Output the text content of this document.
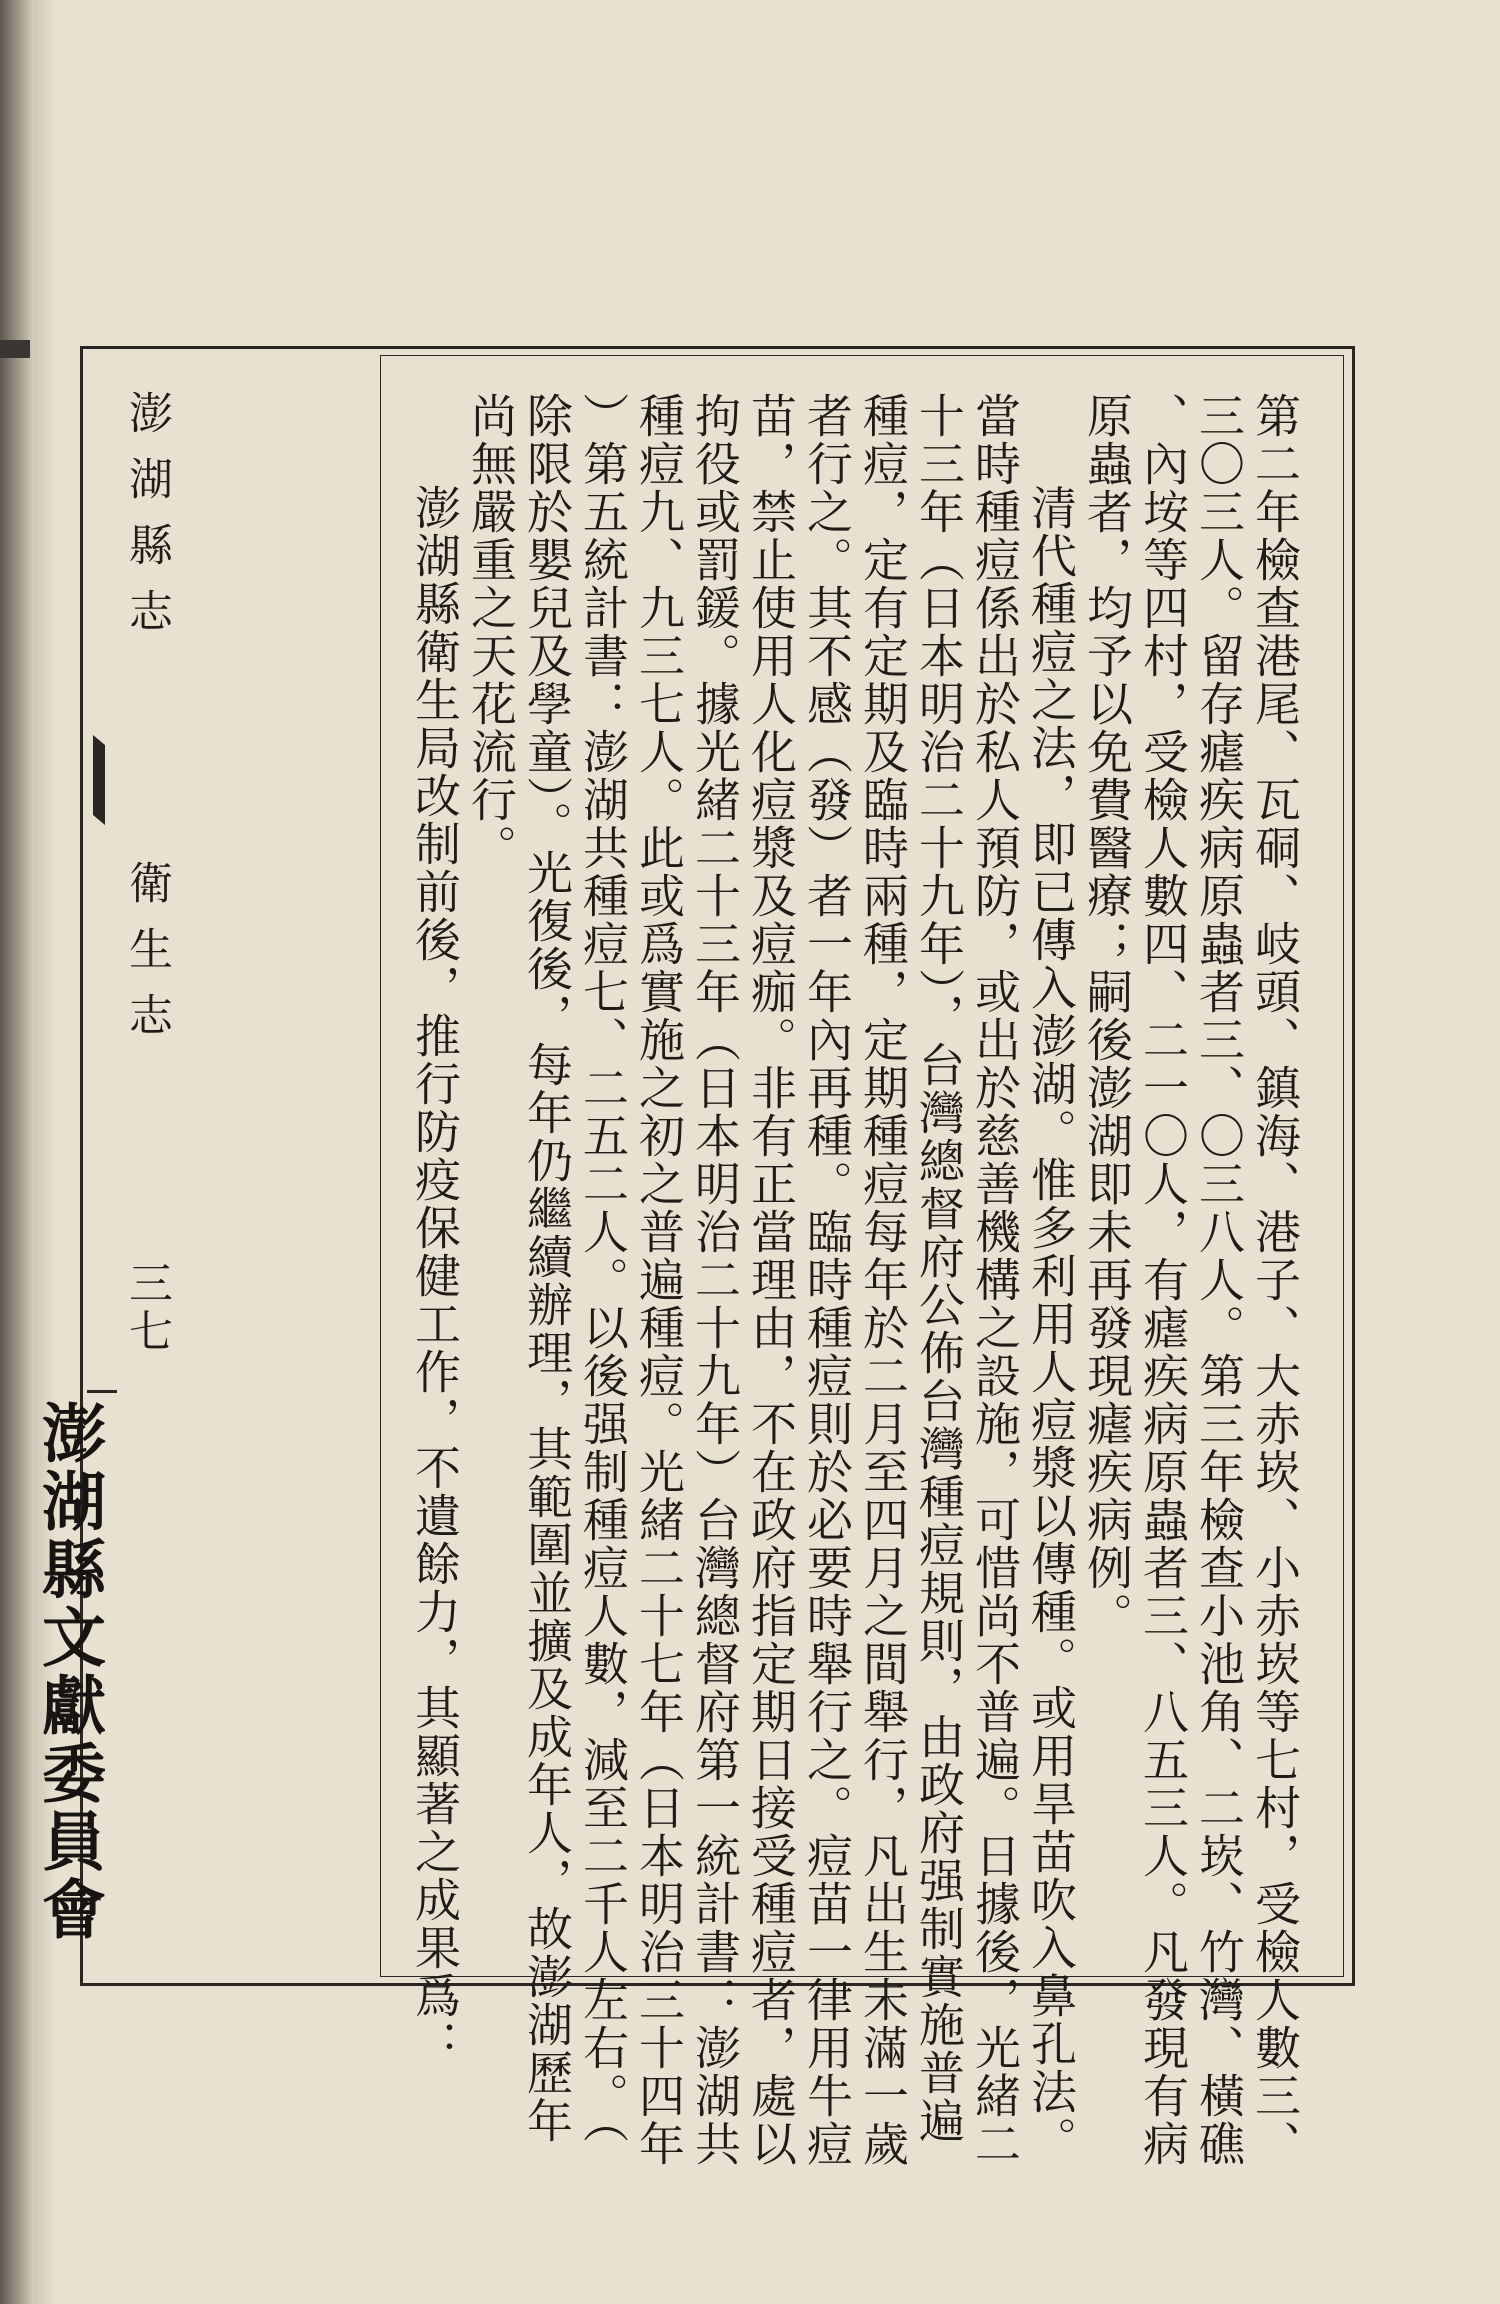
第二年檢查港尾、瓦硐、岐頭、鎮海、港子、大赤崁、小赤崁等七村，受檢人數三、
三〇三人。留存瘧疾病原蟲者三、〇三八人。第三年檢查小池角、二崁、竹灣、橫礁
、內垵等四村，受檢人數四、二一〇人，有瘧疾病原蟲者三、八五三人。凡發現有病
原蟲者，均予以免費醫療；嗣後澎湖即未再發現瘧疾病例。
清代種痘之法，即已傳入澎湖。惟多利用人痘漿以傳種。或用旱苗吹入鼻孔法。
當時種痘係出於私人預防，或出於慈善機構之設施，可惜尚不普遍。日據後，光緒二
十三年（日本明治二十九年），台灣總督府公佈台灣種痘規則，由政府强制實施普遍
種痘，定有定期及臨時兩種，定期種痘每年於二月至四月之間舉行，凡出生未滿一歲
者行之。其不感（發）者一年內再種。臨時種痘則於必要時舉行之。痘苗一律用牛痘
苗，禁止使用人化痘漿及痘痂。非有正當理由，不在政府指定期日接受種痘者，處以
拘役或罰鍰。據光緒二十三年（日本明治二十九年）台灣總督府第一統計書：澎湖共
種痘九、九三七人。此或爲實施之初之普遍種痘。光緒二十七年（日本明治三十四年
）第五統計書：澎湖共種痘七、二五二人。以後强制種痘人數，減至二千人左右。（
除限於嬰兒及學童）。光復後，每年仍繼續辦理，其範圍並擴及成年人，故澎湖歷年
尚無嚴重之天花流行。
澎湖縣衛生局改制前後，推行防疫保健工作，不遺餘力，其顯著之成果爲：
澎湖縣志
衛生志
三七
澎湖縣文獻委員會
